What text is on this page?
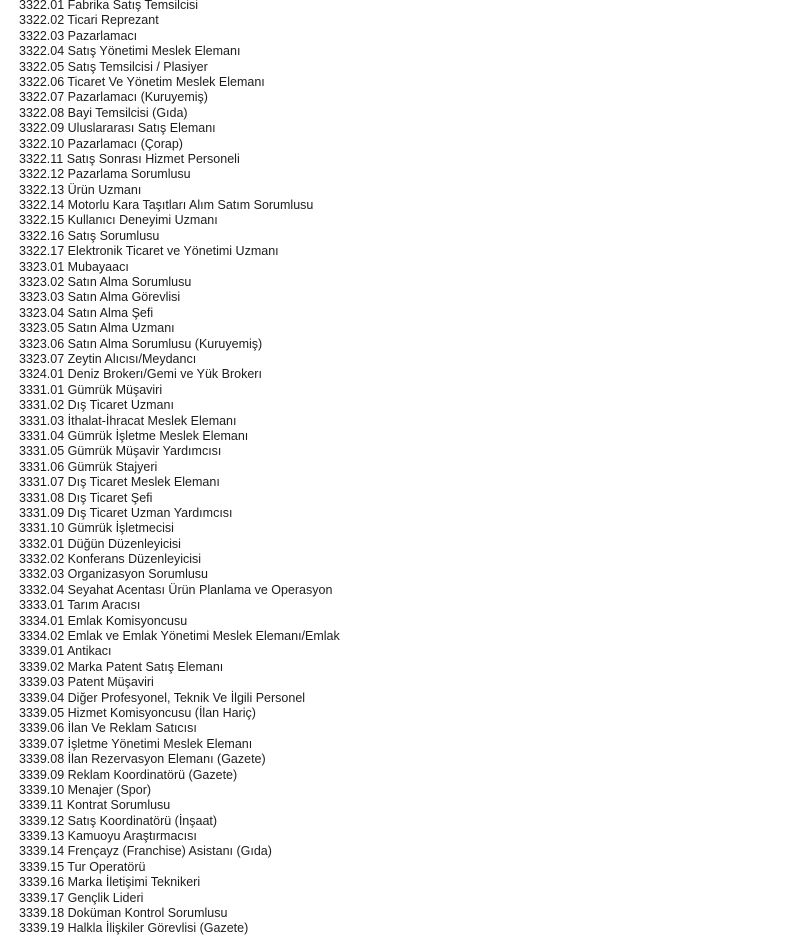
3322.01 Fabrika Satış Temsilcisi
3322.02 Ticari Reprezant
3322.03 Pazarlamacı
3322.04 Satış Yönetimi Meslek Elemanı
3322.05 Satış Temsilcisi / Plasiyer
3322.06 Ticaret Ve Yönetim Meslek Elemanı
3322.07 Pazarlamacı (Kuruyemiş)
3322.08 Bayi Temsilcisi (Gıda)
3322.09 Uluslararası Satış Elemanı
3322.10 Pazarlamacı (Çorap)
3322.11 Satış Sonrası Hizmet Personeli
3322.12 Pazarlama Sorumlusu
3322.13 Ürün Uzmanı
3322.14 Motorlu Kara Taşıtları Alım Satım Sorumlusu
3322.15 Kullanıcı Deneyimi Uzmanı
3322.16 Satış Sorumlusu
3322.17 Elektronik Ticaret ve Yönetimi Uzmanı
3323.01 Mubayaacı
3323.02 Satın Alma Sorumlusu
3323.03 Satın Alma Görevlisi
3323.04 Satın Alma Şefi
3323.05 Satın Alma Uzmanı
3323.06 Satın Alma Sorumlusu (Kuruyemiş)
3323.07 Zeytin Alıcısı/Meydancı
3324.01 Deniz Brokerı/Gemi ve Yük Brokerı
3331.01 Gümrük Müşaviri
3331.02 Dış Ticaret Uzmanı
3331.03 İthalat-İhracat Meslek Elemanı
3331.04 Gümrük İşletme Meslek Elemanı
3331.05 Gümrük Müşavir Yardımcısı
3331.06 Gümrük Stajyeri
3331.07 Dış Ticaret Meslek Elemanı
3331.08 Dış Ticaret Şefi
3331.09 Dış Ticaret Uzman Yardımcısı
3331.10 Gümrük İşletmecisi
3332.01 Düğün Düzenleyicisi
3332.02 Konferans Düzenleyicisi
3332.03 Organizasyon Sorumlusu
3332.04 Seyahat Acentası Ürün Planlama ve Operasyon
3333.01 Tarım Aracısı
3334.01 Emlak Komisyoncusu
3334.02 Emlak ve Emlak Yönetimi Meslek Elemanı/Emlak
3339.01 Antikacı
3339.02 Marka Patent Satış Elemanı
3339.03 Patent Müşaviri
3339.04 Diğer Profesyonel, Teknik Ve İlgili Personel
3339.05 Hizmet Komisyoncusu (İlan Hariç)
3339.06 İlan Ve Reklam Satıcısı
3339.07 İşletme Yönetimi Meslek Elemanı
3339.08 İlan Rezervasyon Elemanı (Gazete)
3339.09 Reklam Koordinatörü (Gazete)
3339.10 Menajer (Spor)
3339.11 Kontrat Sorumlusu
3339.12 Satış Koordinatörü (İnşaat)
3339.13 Kamuoyu Araştırmacısı
3339.14 Frençayz (Franchise) Asistanı (Gıda)
3339.15 Tur Operatörü
3339.16 Marka İletişimi Teknikeri
3339.17 Gençlik Lideri
3339.18 Doküman Kontrol Sorumlusu
3339.19 Halkla İlişkiler Görevlisi (Gazete)
